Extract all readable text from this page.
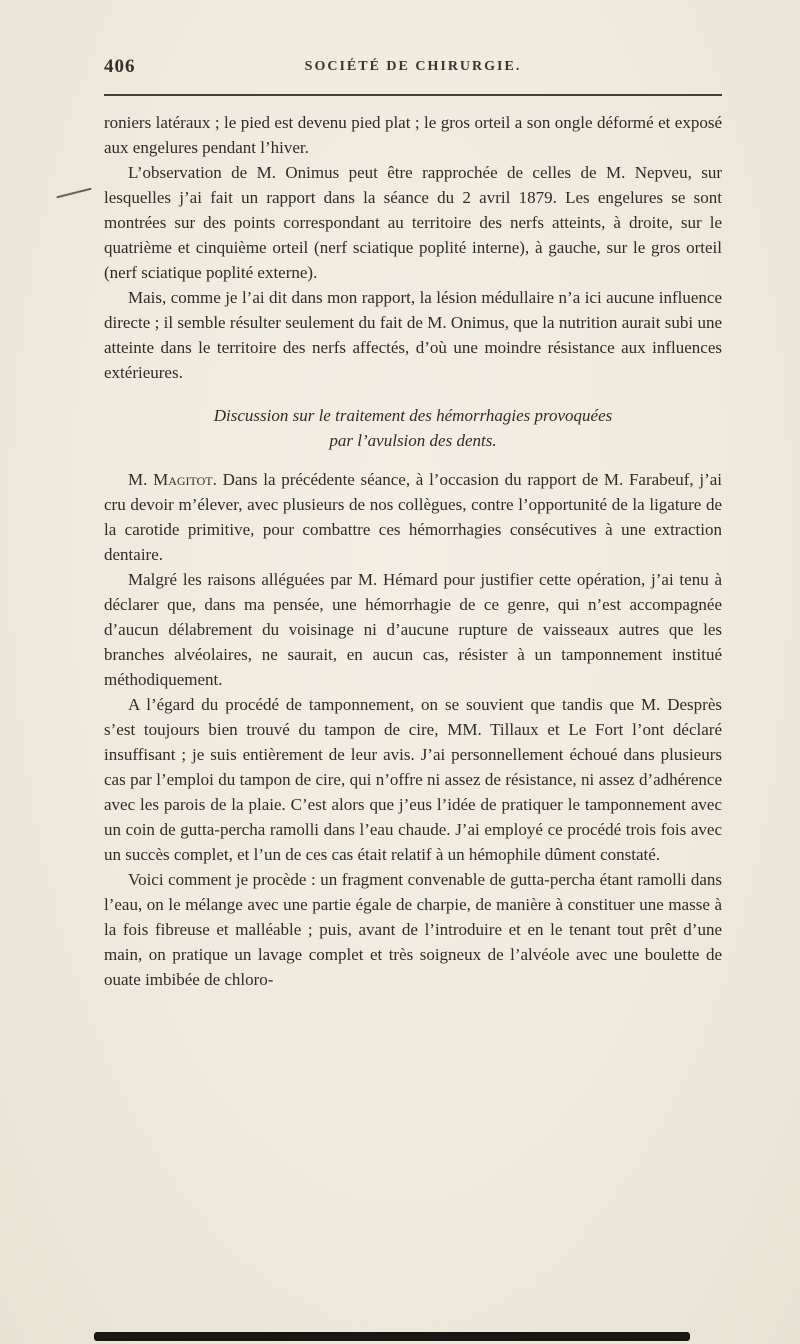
406	SOCIÉTÉ DE CHIRURGIE.

roniers latéraux ; le pied est devenu pied plat ; le gros orteil a son ongle déformé et exposé aux engelures pendant l’hiver.

L’observation de M. Onimus peut être rapprochée de celles de M. Nepveu, sur lesquelles j’ai fait un rapport dans la séance du 2 avril 1879. Les engelures se sont montrées sur des points correspondant au territoire des nerfs atteints, à droite, sur le quatrième et cinquième orteil (nerf sciatique poplité interne), à gauche, sur le gros orteil (nerf sciatique poplité externe).

Mais, comme je l’ai dit dans mon rapport, la lésion médullaire n’a ici aucune influence directe ; il semble résulter seulement du fait de M. Onimus, que la nutrition aurait subi une atteinte dans le territoire des nerfs affectés, d’où une moindre résistance aux influences extérieures.

Discussion sur le traitement des hémorrhagies provoquées
par l’avulsion des dents.

M. Magitot. Dans la précédente séance, à l’occasion du rapport de M. Farabeuf, j’ai cru devoir m’élever, avec plusieurs de nos collègues, contre l’opportunité de la ligature de la carotide primitive, pour combattre ces hémorrhagies consécutives à une extraction dentaire.

Malgré les raisons alléguées par M. Hémard pour justifier cette opération, j’ai tenu à déclarer que, dans ma pensée, une hémorrhagie de ce genre, qui n’est accompagnée d’aucun délabrement du voisinage ni d’aucune rupture de vaisseaux autres que les branches alvéolaires, ne saurait, en aucun cas, résister à un tamponnement institué méthodiquement.

A l’égard du procédé de tamponnement, on se souvient que tandis que M. Desprès s’est toujours bien trouvé du tampon de cire, MM. Tillaux et Le Fort l’ont déclaré insuffisant ; je suis entièrement de leur avis. J’ai personnellement échoué dans plusieurs cas par l’emploi du tampon de cire, qui n’offre ni assez de résistance, ni assez d’adhérence avec les parois de la plaie. C’est alors que j’eus l’idée de pratiquer le tamponnement avec un coin de gutta-percha ramolli dans l’eau chaude. J’ai employé ce procédé trois fois avec un succès complet, et l’un de ces cas était relatif à un hémophile dûment constaté.

Voici comment je procède : un fragment convenable de gutta-percha étant ramolli dans l’eau, on le mélange avec une partie égale de charpie, de manière à constituer une masse à la fois fibreuse et malléable ; puis, avant de l’introduire et en le tenant tout prêt d’une main, on pratique un lavage complet et très soigneux de l’alvéole avec une boulette de ouate imbibée de chloro-
